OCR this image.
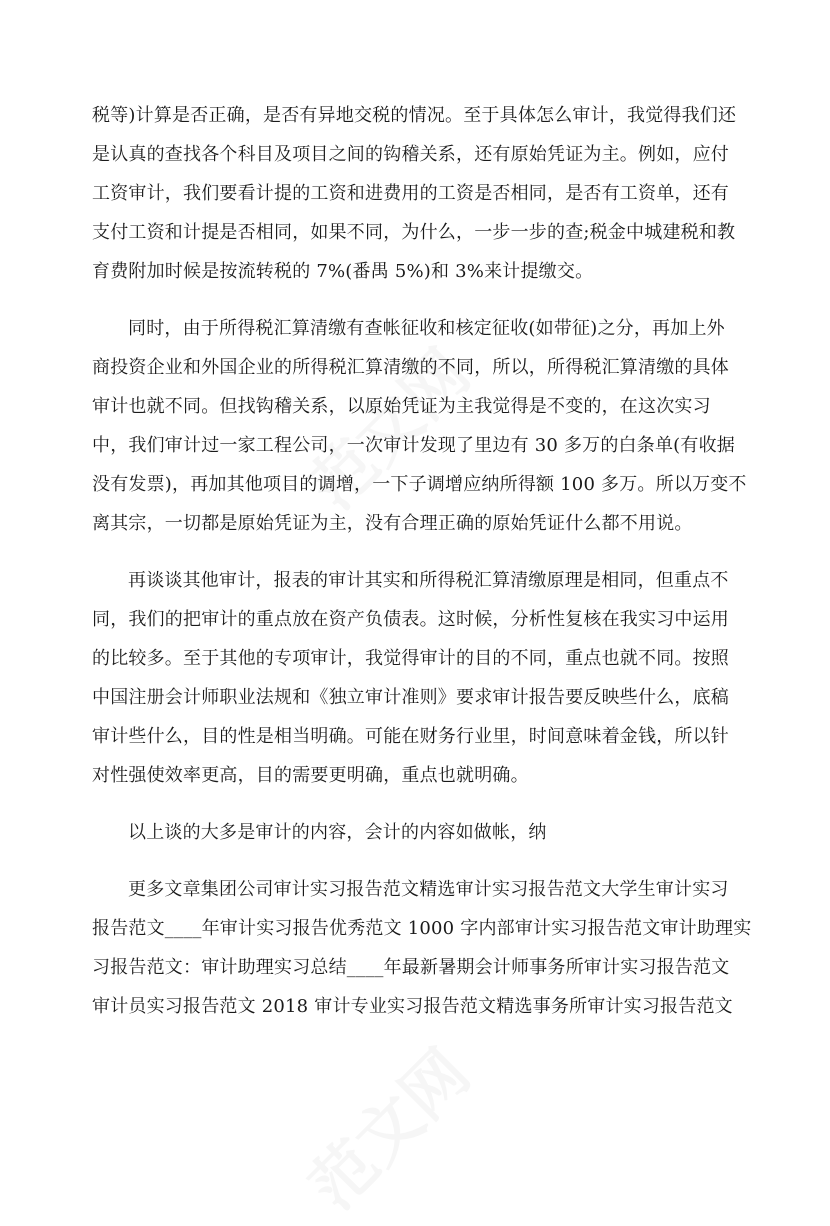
税等)计算是否正确，是否有异地交税的情况。至于具体怎么审计，我觉得我们还
是认真的查找各个科目及项目之间的钩稽关系，还有原始凭证为主。例如，应付
工资审计，我们要看计提的工资和进费用的工资是否相同，是否有工资单，还有
支付工资和计提是否相同，如果不同，为什么，一步一步的查;税金中城建税和教
育费附加时候是按流转税的 7%(番禺 5%)和 3%来计提缴交。
同时，由于所得税汇算清缴有查帐征收和核定征收(如带征)之分，再加上外
商投资企业和外国企业的所得税汇算清缴的不同，所以，所得税汇算清缴的具体
审计也就不同。但找钩稽关系，以原始凭证为主我觉得是不变的，在这次实习
中，我们审计过一家工程公司，一次审计发现了里边有 30 多万的白条单(有收据
没有发票)，再加其他项目的调增，一下子调增应纳所得额 100 多万。所以万变不
离其宗，一切都是原始凭证为主，没有合理正确的原始凭证什么都不用说。
再谈谈其他审计，报表的审计其实和所得税汇算清缴原理是相同，但重点不
同，我们的把审计的重点放在资产负债表。这时候，分析性复核在我实习中运用
的比较多。至于其他的专项审计，我觉得审计的目的不同，重点也就不同。按照
中国注册会计师职业法规和《独立审计准则》要求审计报告要反映些什么，底稿
审计些什么，目的性是相当明确。可能在财务行业里，时间意味着金钱，所以针
对性强使效率更高，目的需要更明确，重点也就明确。
以上谈的大多是审计的内容，会计的内容如做帐，纳
更多文章集团公司审计实习报告范文精选审计实习报告范文大学生审计实习
报告范文____年审计实习报告优秀范文 1000 字内部审计实习报告范文审计助理实
习报告范文：审计助理实习总结____年最新暑期会计师事务所审计实习报告范文
审计员实习报告范文 2018 审计专业实习报告范文精选事务所审计实习报告范文
